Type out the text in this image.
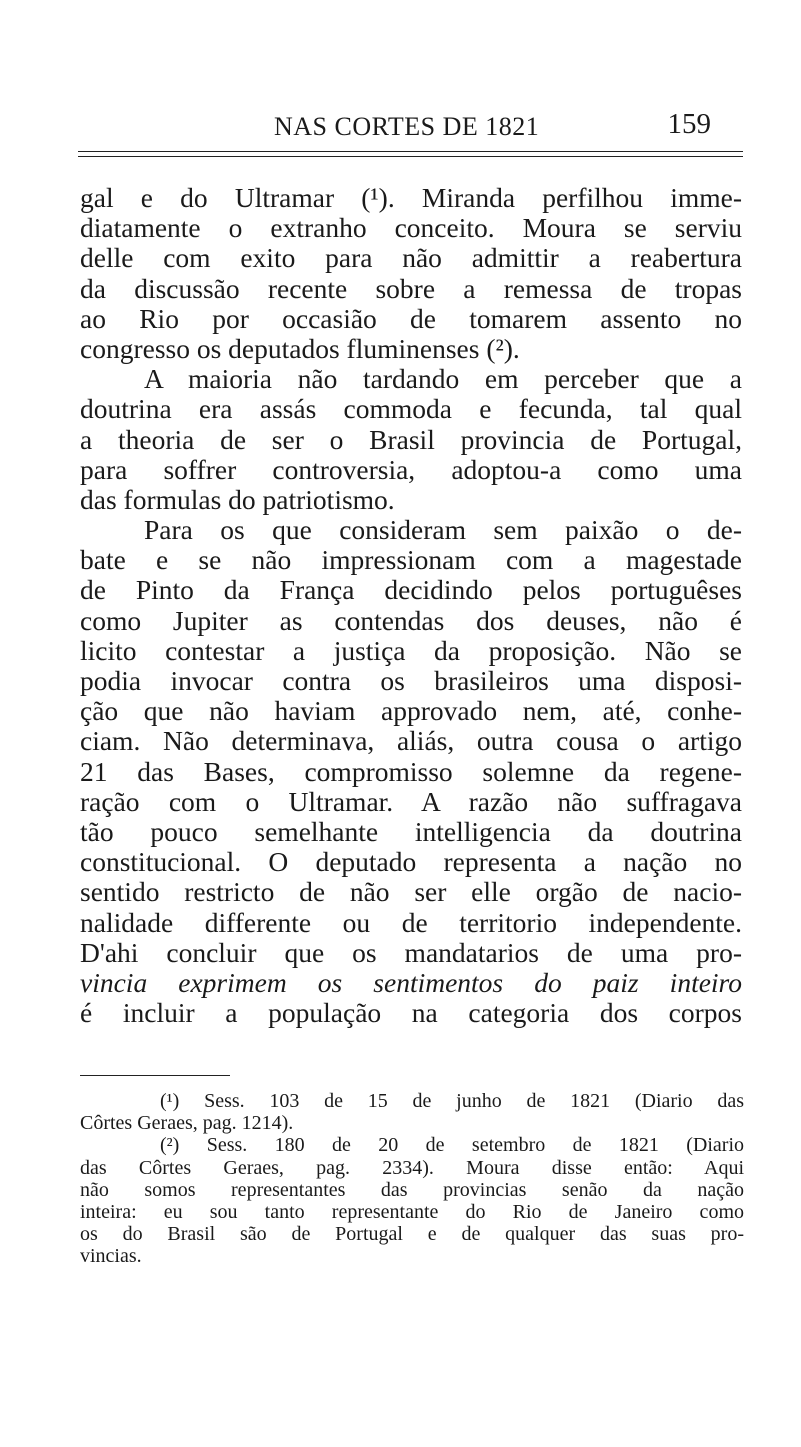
NAS CORTES DE 1821	159
gal e do Ultramar (¹). Miranda perfilhou imme-
diatamente o extranho conceito. Moura se serviu
delle com exito para não admittir a reabertura
da discussão recente sobre a remessa de tropas
ao Rio por occasião de tomarem assento no
congresso os deputados fluminenses (²).
A maioria não tardando em perceber que a
doutrina era assás commoda e fecunda, tal qual
a theoria de ser o Brasil provincia de Portugal,
para soffrer controversia, adoptou-a como uma
das formulas do patriotismo.
Para os que consideram sem paixão o de-
bate e se não impressionam com a magestade
de Pinto da França decidindo pelos portuguêses
como Jupiter as contendas dos deuses, não é
licito contestar a justiça da proposição. Não se
podia invocar contra os brasileiros uma disposi-
ção que não haviam approvado nem, até, conhe-
ciam. Não determinava, aliás, outra cousa o artigo
21 das Bases, compromisso solemne da regene-
ração com o Ultramar. A razão não suffragava
tão pouco semelhante intelligencia da doutrina
constitucional. O deputado representa a nação no
sentido restricto de não ser elle orgão de nacio-
nalidade differente ou de territorio independente.
D'ahi concluir que os mandatarios de uma pro-
vincia exprimem os sentimentos do paiz inteiro
é incluir a população na categoria dos corpos
(¹) Sess. 103 de 15 de junho de 1821 (Diario das
Côrtes Geraes, pag. 1214).
(²) Sess. 180 de 20 de setembro de 1821 (Diario
das Côrtes Geraes, pag. 2334). Moura disse então: Aqui
não somos representantes das provincias senão da nação
inteira: eu sou tanto representante do Rio de Janeiro como
os do Brasil são de Portugal e de qualquer das suas pro-
vincias.
